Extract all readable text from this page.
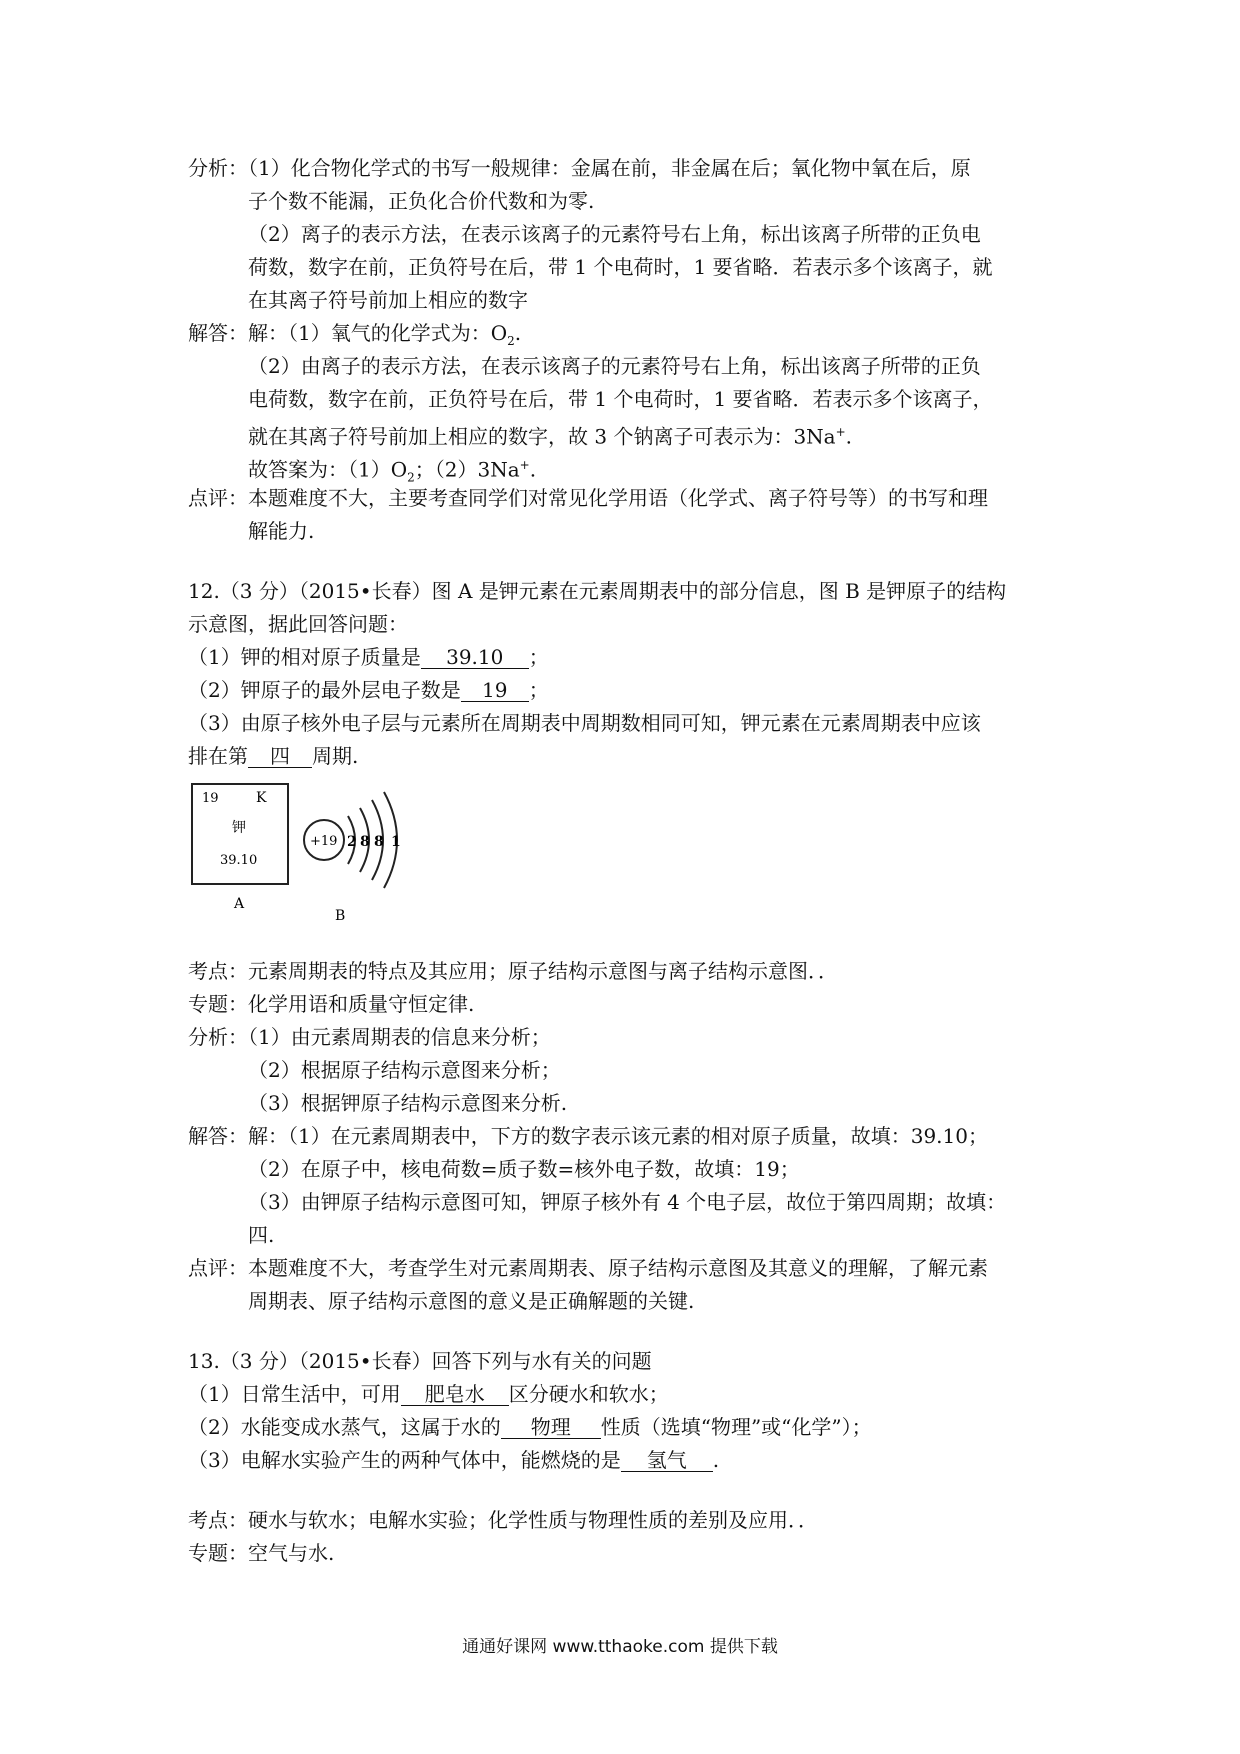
分析：（1）化合物化学式的书写一般规律：金属在前，非金属在后；氧化物中氧在后，原
子个数不能漏，正负化合价代数和为零.
（2）离子的表示方法，在表示该离子的元素符号右上角，标出该离子所带的正负电
荷数，数字在前，正负符号在后，带 1 个电荷时，1 要省略．若表示多个该离子，就
在其离子符号前加上相应的数字
解答：解：（1）氧气的化学式为：$O_2$.
（2）由离子的表示方法，在表示该离子的元素符号右上角，标出该离子所带的正负
电荷数，数字在前，正负符号在后，带 1 个电荷时，1 要省略．若表示多个该离子，
就在其离子符号前加上相应的数字，故 3 个钠离子可表示为：3Na+.
故答案为：$(1)O_2$；（2）3Na+.
点评：本题难度不大，主要考查同学们对常见化学用语（化学式、离子符号等）的书写和理
解能力.
12.（3 分）（2015•长春）图 A 是钾元素在元素周期表中的部分信息，图 B 是钾原子的结构
示意图，据此回答问题：
（1）钾的相对原子质量是 39.10 ；
（2）钾原子的最外层电子数是 19 ；
（3）由原子核外电子层与元素所在周期表中周期数相同可知，钾元素在元素周期表中应该
排在第 四 周期.
19	K
钾
39.10
A
+19 2 8 8 1
B
考点：元素周期表的特点及其应用；原子结构示意图与离子结构示意图．．
专题：化学用语和质量守恒定律.
分析：（1）由元素周期表的信息来分析；
（2）根据原子结构示意图来分析；
（3）根据钾原子结构示意图来分析.
解答：解：（1）在元素周期表中，下方的数字表示该元素的相对原子质量，故填：39.10；
（2）在原子中，核电荷数=质子数=核外电子数，故填：19；
（3）由钾原子结构示意图可知，钾原子核外有 4 个电子层，故位于第四周期；故填：
四.
点评：本题难度不大，考查学生对元素周期表、原子结构示意图及其意义的理解，了解元素
周期表、原子结构示意图的意义是正确解题的关键.
13.（3 分）（2015•长春）回答下列与水有关的问题
（1）日常生活中，可用 肥皂水 区分硬水和软水；
（2）水能变成水蒸气，这属于水的 物理 性质（选填“物理”或“化学”）；
（3）电解水实验产生的两种气体中，能燃烧的是 氢气 .
考点：硬水与软水；电解水实验；化学性质与物理性质的差别及应用．．
专题：空气与水.
通通好课网 www.tthaoke.com 提供下载
